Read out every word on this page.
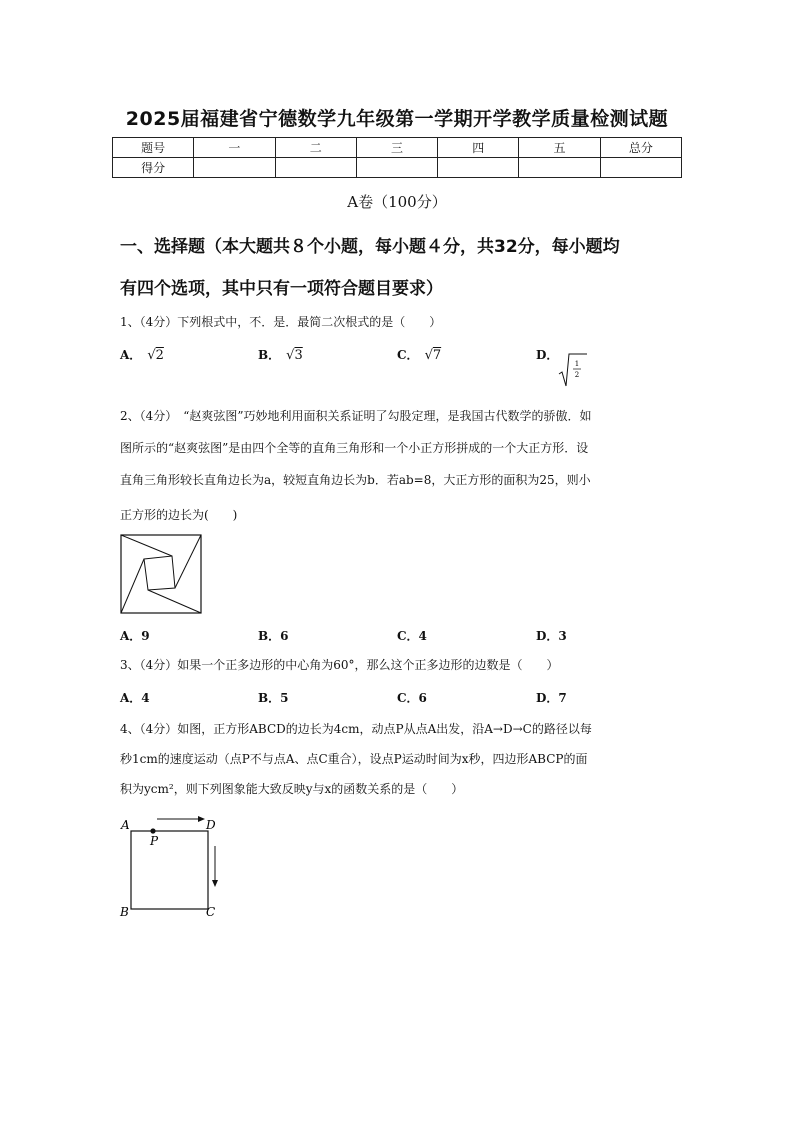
2025届福建省宁德数学九年级第一学期开学教学质量检测试题
题号	一	二	三	四	五	总分
得分						
A卷（100分）
一、选择题（本大题共８个小题，每小题４分，共32分，每小题均
有四个选项，其中只有一项符合题目要求）
1、（4分）下列根式中，不．是．最简二次根式的是（　　）
A． √2	B． √3	C． √7	D．
1
2
2、（4分）　“赵爽弦图”巧妙地利用面积关系证明了勾股定理，是我国古代数学的骄傲．如
图所示的“赵爽弦图”是由四个全等的直角三角形和一个小正方形拼成的一个大正方形．设
直角三角形较长直角边长为a，较短直角边长为b．若ab=8，大正方形的面积为25，则小
正方形的边长为(　　)
A．9	B．6	C．4	D．3
3、（4分）如果一个正多边形的中心角为60°，那么这个正多边形的边数是（　　）
A．4	B．5	C．6	D．7
4、（4分）如图，正方形ABCD的边长为4cm，动点P从点A出发，沿A→D→C的路径以每
秒1cm的速度运动（点P不与点A、点C重合），设点P运动时间为x秒，四边形ABCP的面
积为ycm²，则下列图象能大致反映y与x的函数关系的是（　　）
A	D
P
B	C
